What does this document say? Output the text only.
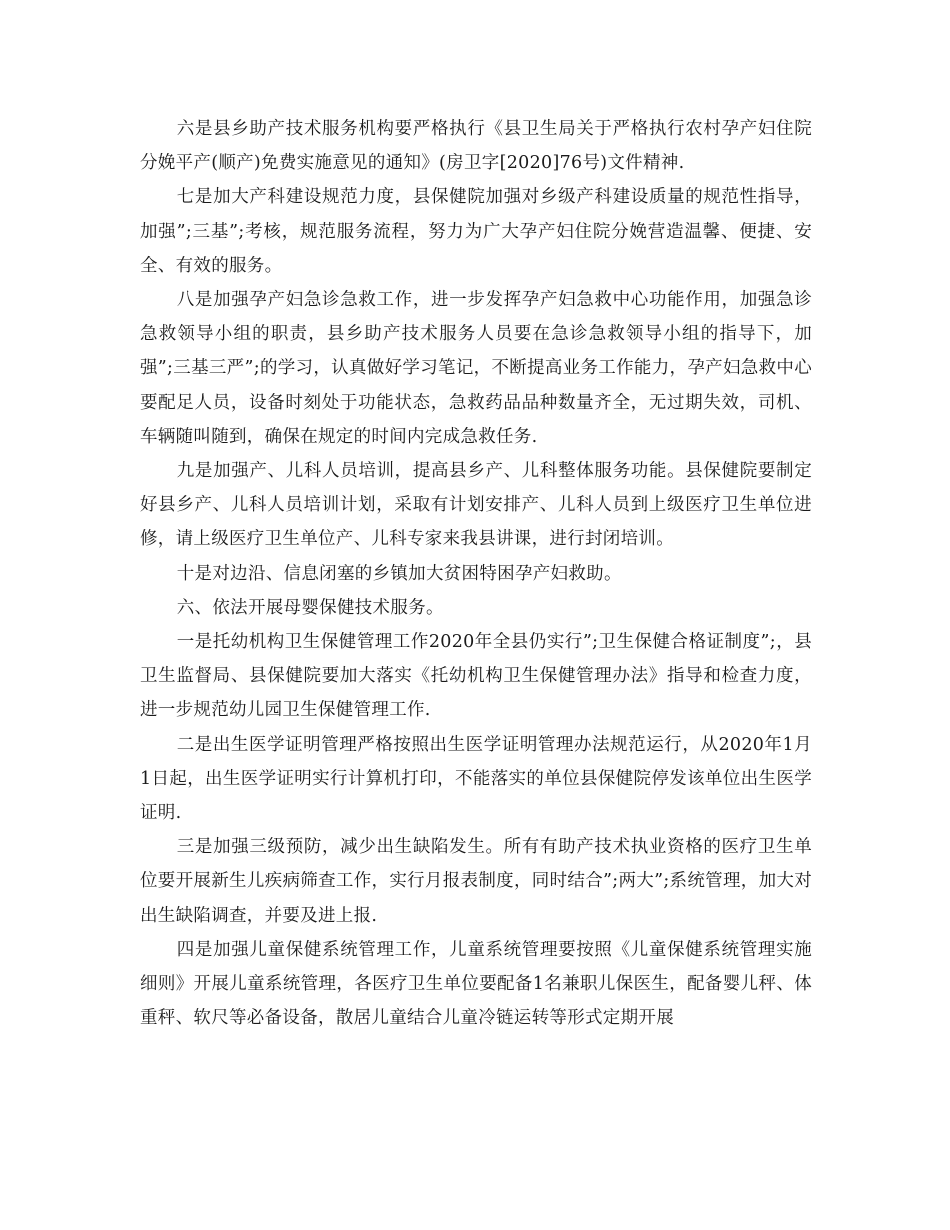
六是县乡助产技术服务机构要严格执行《县卫生局关于严格执行农村孕产妇住院分娩平产(顺产)免费实施意见的通知》(房卫字[2020]76号)文件精神.

七是加大产科建设规范力度，县保健院加强对乡级产科建设质量的规范性指导，加强”;三基”;考核，规范服务流程，努力为广大孕产妇住院分娩营造温馨、便捷、安全、有效的服务。

八是加强孕产妇急诊急救工作，进一步发挥孕产妇急救中心功能作用，加强急诊急救领导小组的职责，县乡助产技术服务人员要在急诊急救领导小组的指导下，加强”;三基三严”;的学习，认真做好学习笔记，不断提高业务工作能力，孕产妇急救中心要配足人员，设备时刻处于功能状态，急救药品品种数量齐全，无过期失效，司机、车辆随叫随到，确保在规定的时间内完成急救任务.

九是加强产、儿科人员培训，提高县乡产、儿科整体服务功能。县保健院要制定好县乡产、儿科人员培训计划，采取有计划安排产、儿科人员到上级医疗卫生单位进修，请上级医疗卫生单位产、儿科专家来我县讲课，进行封闭培训。

十是对边沿、信息闭塞的乡镇加大贫困特困孕产妇救助。

六、依法开展母婴保健技术服务。

一是托幼机构卫生保健管理工作2020年全县仍实行”;卫生保健合格证制度”;，县卫生监督局、县保健院要加大落实《托幼机构卫生保健管理办法》指导和检查力度，进一步规范幼儿园卫生保健管理工作.

二是出生医学证明管理严格按照出生医学证明管理办法规范运行，从2020年1月1日起，出生医学证明实行计算机打印，不能落实的单位县保健院停发该单位出生医学证明.

三是加强三级预防，减少出生缺陷发生。所有有助产技术执业资格的医疗卫生单位要开展新生儿疾病筛查工作，实行月报表制度，同时结合”;两大”;系统管理，加大对出生缺陷调查，并要及进上报.

四是加强儿童保健系统管理工作，儿童系统管理要按照《儿童保健系统管理实施细则》开展儿童系统管理，各医疗卫生单位要配备1名兼职儿保医生，配备婴儿秤、体重秤、软尺等必备设备，散居儿童结合儿童冷链运转等形式定期开展
